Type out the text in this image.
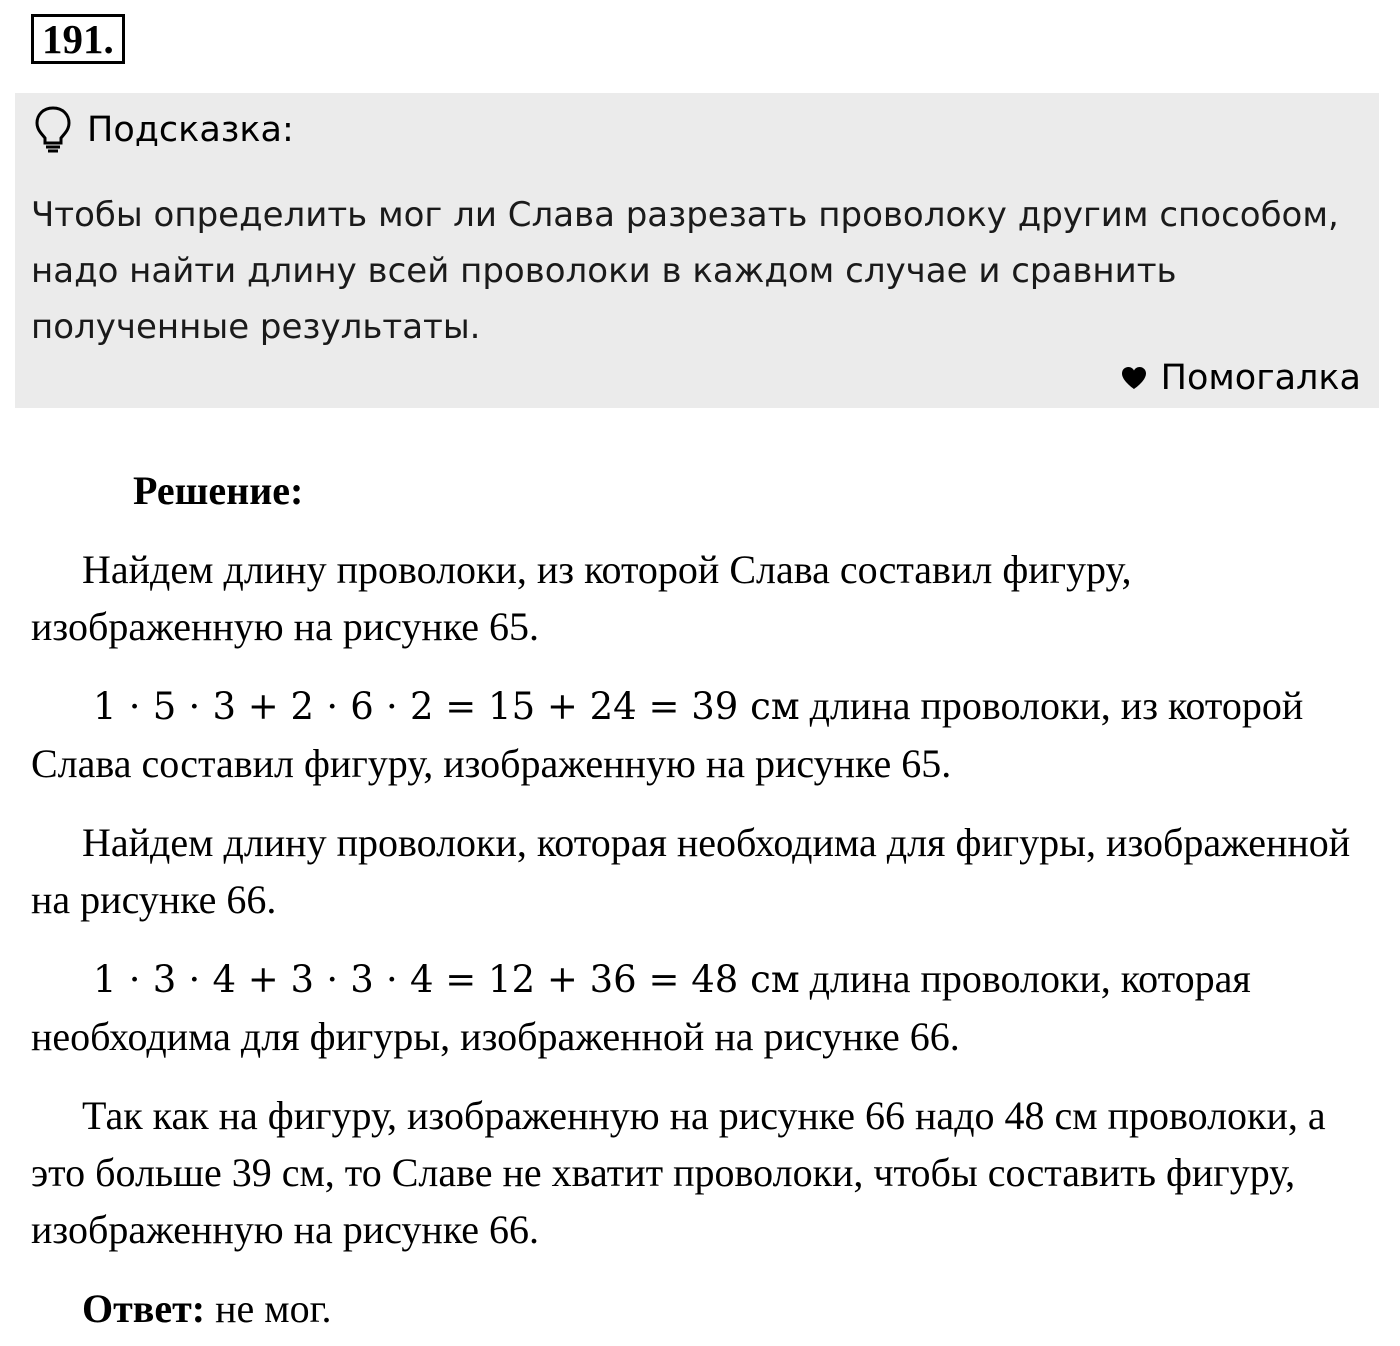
191.
Подсказка:

Чтобы определить мог ли Слава разрезать проволоку другим способом, надо найти длину всей проволоки в каждом случае и сравнить полученные результаты.

Помогалка

Решение:

Найдем длину проволоки, из которой Слава составил фигуру, изображенную на рисунке 65.

1 ⋅ 5 ⋅ 3 + 2 ⋅ 6 ⋅ 2 = 15 + 24 = 39 см длина проволоки, из которой Слава составил фигуру, изображенную на рисунке 65.

Найдем длину проволоки, которая необходима для фигуры, изображенной на рисунке 66.

1 ⋅ 3 ⋅ 4 + 3 ⋅ 3 ⋅ 4 = 12 + 36 = 48 см длина проволоки, которая необходима для фигуры, изображенной на рисунке 66.

Так как на фигуру, изображенную на рисунке 66 надо 48 см проволоки, а это больше 39 см, то Славе не хватит проволоки, чтобы составить фигуру, изображенную на рисунке 66.

Ответ: не мог.
